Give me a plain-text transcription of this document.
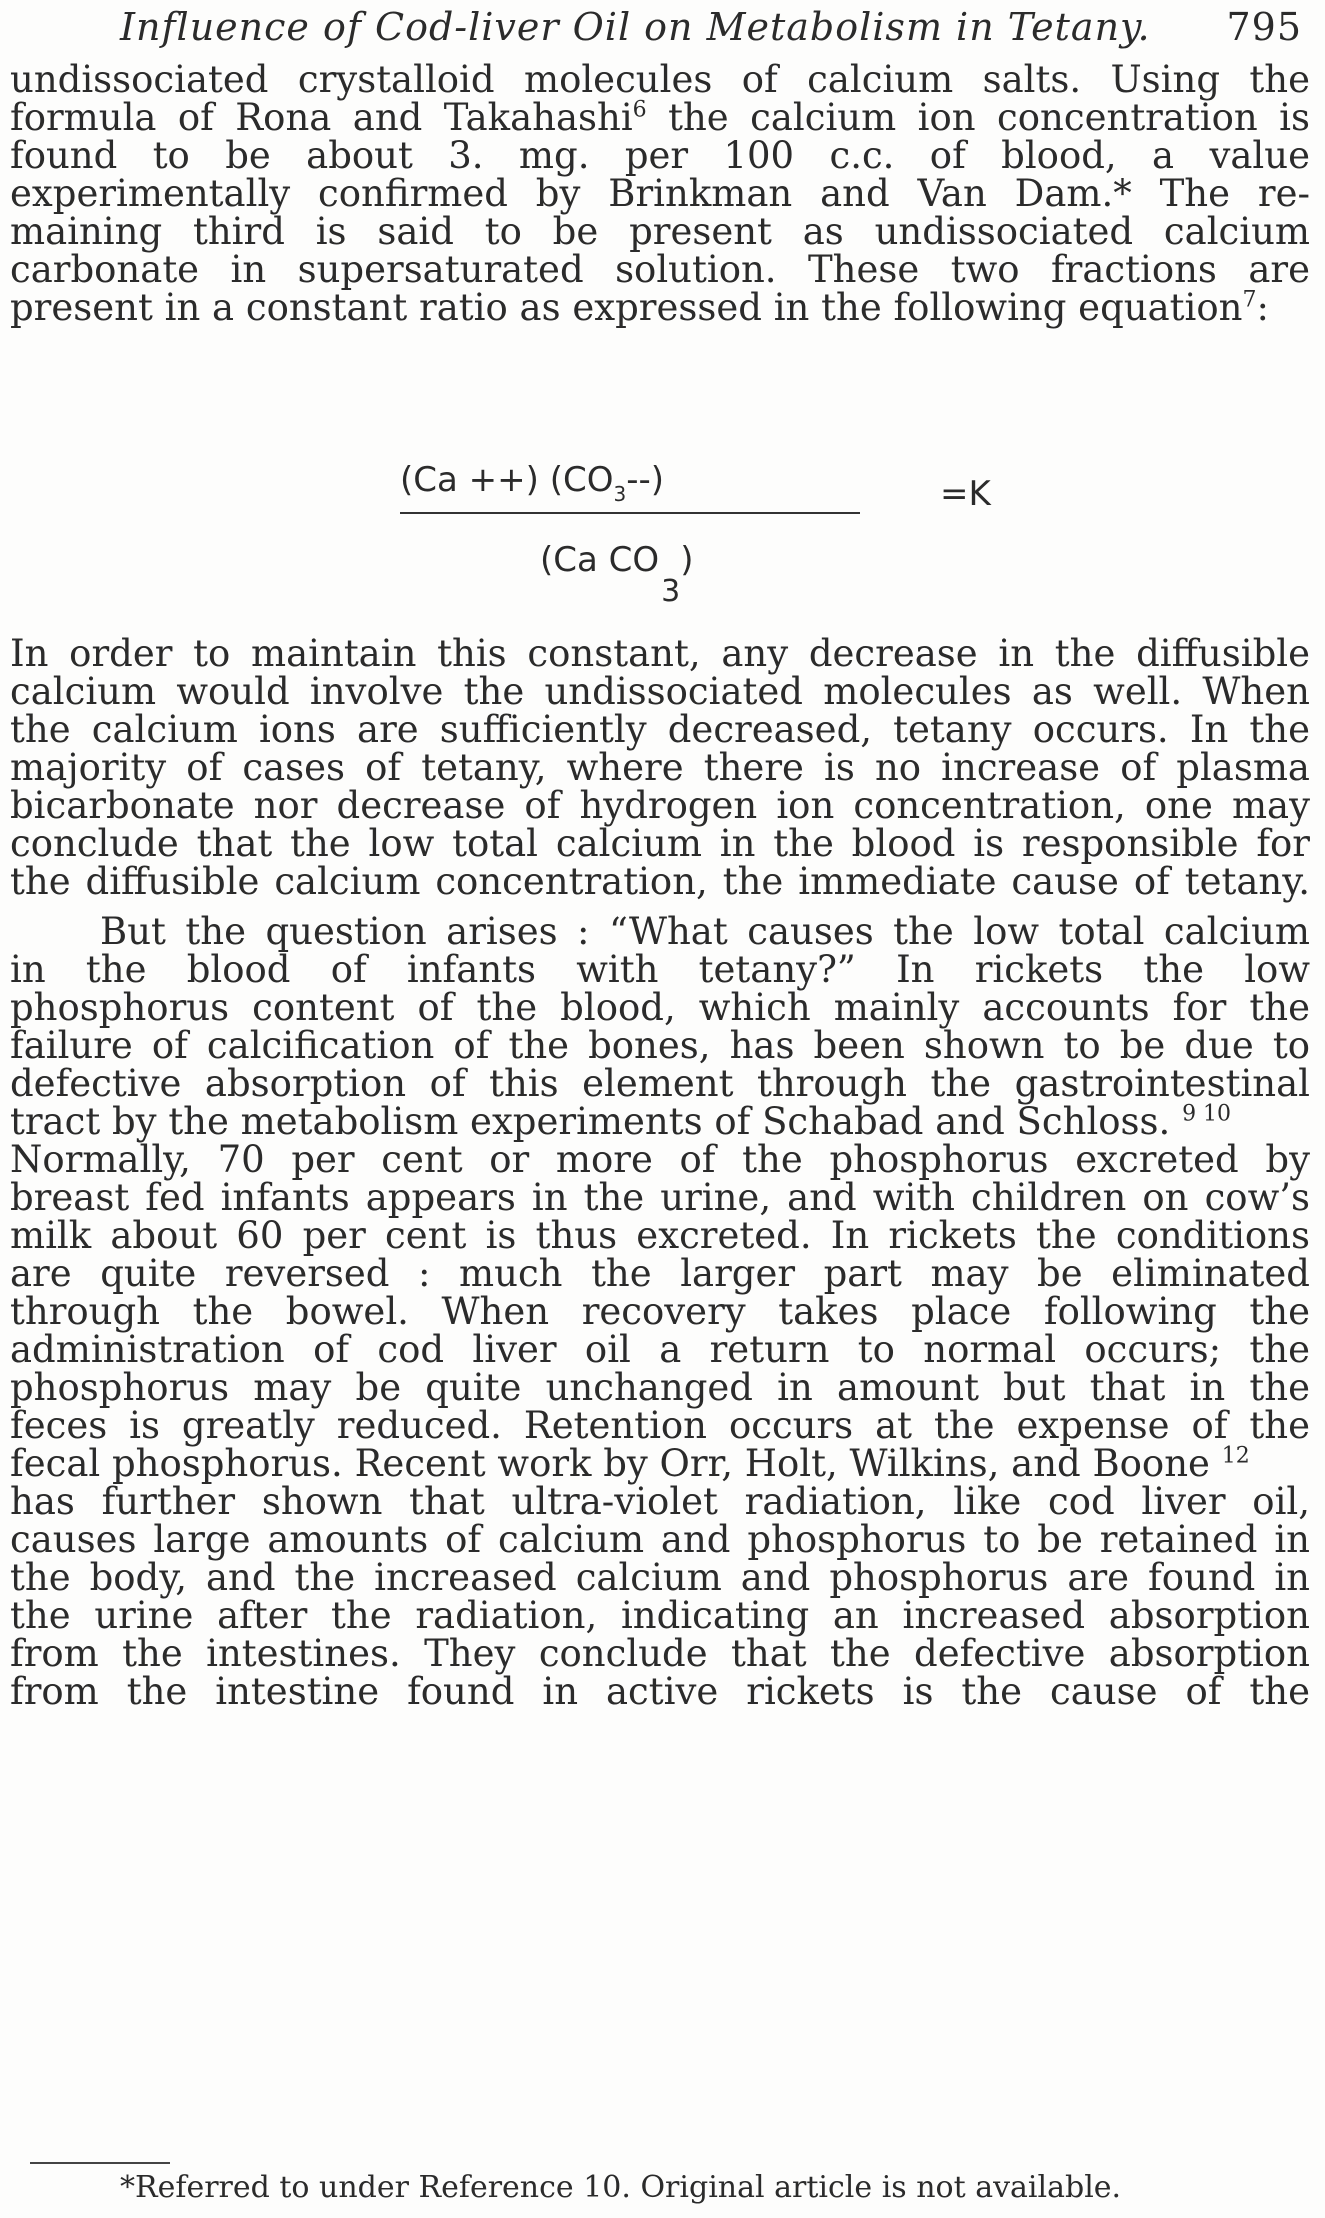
Influence of Cod-liver Oil on Metabolism in Tetany. 795
undissociated crystalloid molecules of calcium salts. Using the
formula of Rona and Takahashi$^6$ the calcium ion concentration is
found to be about 3. mg. per 100 c.c. of blood, a value
experimentally confirmed by Brinkman and Van Dam.* The re-
maining third is said to be present as undissociated calcium
carbonate in supersaturated solution. These two fractions are
present in a constant ratio as expressed in the following equation$^7$:
(Ca ++) $(CO_3--)$	=K
(Ca CO3)
In order to maintain this constant, any decrease in the diffusible
calcium would involve the undissociated molecules as well. When
the calcium ions are sufficiently decreased, tetany occurs. In the
majority of cases of tetany, where there is no increase of plasma
bicarbonate nor decrease of hydrogen ion concentration, one may
conclude that the low total calcium in the blood is responsible for
the diffusible calcium concentration, the immediate cause of tetany.
But the question arises : “What causes the low total calcium
in the blood of infants with tetany?” In rickets the low
phosphorus content of the blood, which mainly accounts for the
failure of calcification of the bones, has been shown to be due to
defective absorption of this element through the gastrointestinal
tract by the metabolism experiments of Schabad and Schloss. $^{9 10}$
Normally, 70 per cent or more of the phosphorus excreted by
breast fed infants appears in the urine, and with children on cow’s
milk about 60 per cent is thus excreted. In rickets the conditions
are quite reversed : much the larger part may be eliminated
through the bowel. When recovery takes place following the
administration of cod liver oil a return to normal occurs; the
phosphorus may be quite unchanged in amount but that in the
feces is greatly reduced. Retention occurs at the expense of the
fecal phosphorus. Recent work by Orr, Holt, Wilkins, and Boone $^{12}$
has further shown that ultra-violet radiation, like cod liver oil,
causes large amounts of calcium and phosphorus to be retained in
the body, and the increased calcium and phosphorus are found in
the urine after the radiation, indicating an increased absorption
from the intestines. They conclude that the defective absorption
from the intestine found in active rickets is the cause of the
*Referred to under Reference 10. Original article is not available.
